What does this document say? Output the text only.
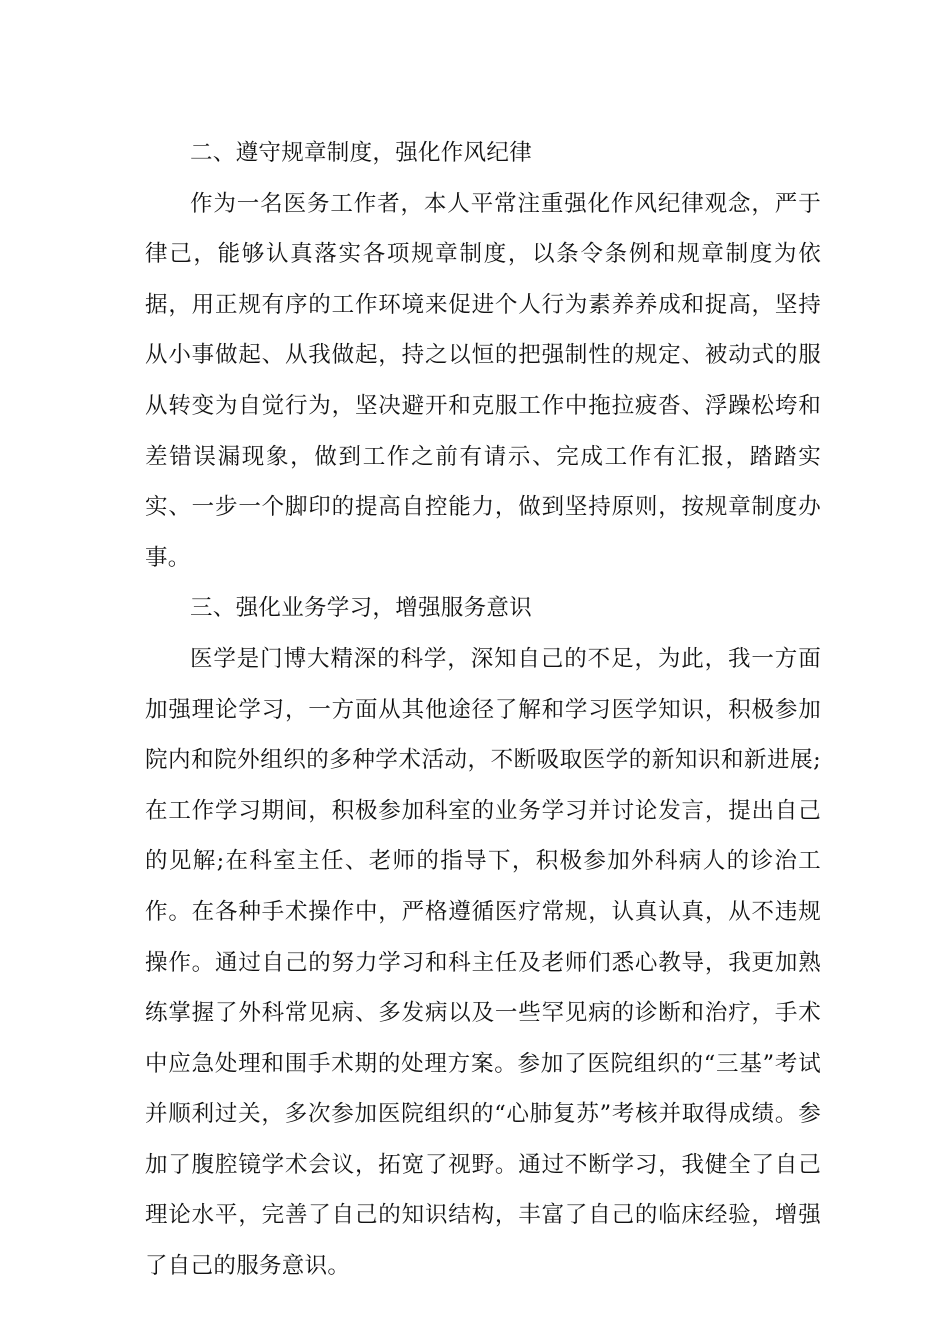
二、遵守规章制度，强化作风纪律

作为一名医务工作者，本人平常注重强化作风纪律观念，严于律己，能够认真落实各项规章制度，以条令条例和规章制度为依据，用正规有序的工作环境来促进个人行为素养养成和捉高，坚持从小事做起、从我做起，持之以恒的把强制性的规定、被动式的服从转变为自觉行为，坚决避开和克服工作中拖拉疲沓、浮躁松垮和差错误漏现象，做到工作之前有请示、完成工作有汇报，踏踏实实、一步一个脚印的提高自控能力，做到坚持原则，按规章制度办事。

三、强化业务学习，增强服务意识

医学是门博大精深的科学，深知自己的不足，为此，我一方面加强理论学习，一方面从其他途径了解和学习医学知识，积极参加院内和院外组织的多种学术活动，不断吸取医学的新知识和新进展;在工作学习期间，积极参加科室的业务学习并讨论发言，提出自己的见解;在科室主任、老师的指导下，积极参加外科病人的诊治工作。在各种手术操作中，严格遵循医疗常规，认真认真，从不违规操作。通过自己的努力学习和科主任及老师们悉心教导，我更加熟练掌握了外科常见病、多发病以及一些罕见病的诊断和治疗，手术中应急处理和围手术期的处理方案。参加了医院组织的“三基”考试并顺利过关，多次参加医院组织的“心肺复苏”考核并取得成绩。参加了腹腔镜学术会议，拓宽了视野。通过不断学习，我健全了自己理论水平，完善了自己的知识结构，丰富了自己的临床经验，增强了自己的服务意识。
